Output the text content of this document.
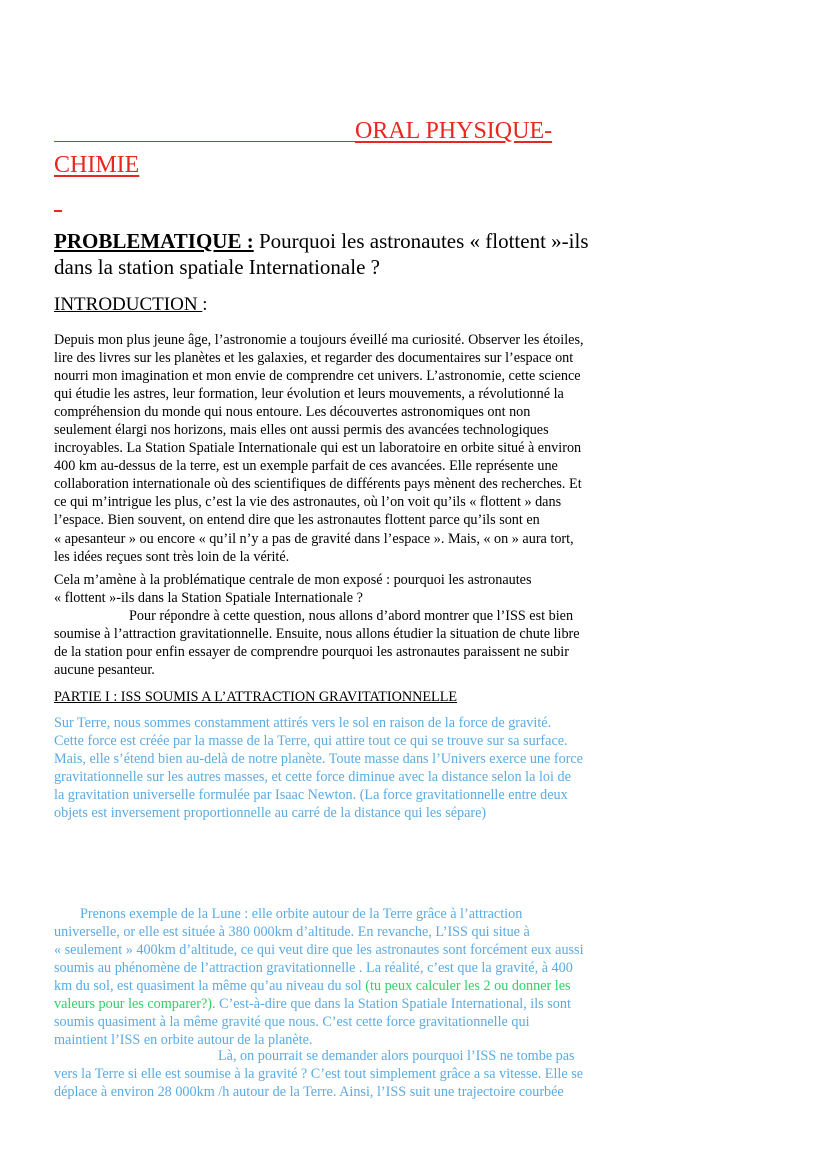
ORAL PHYSIQUE-
CHIMIE

PROBLEMATIQUE : Pourquoi les astronautes « flottent »-ils
dans la station spatiale Internationale ?

INTRODUCTION :

Depuis mon plus jeune âge, l’astronomie a toujours éveillé ma curiosité. Observer les étoiles,
lire des livres sur les planètes et les galaxies, et regarder des documentaires sur l’espace ont
nourri mon imagination et mon envie de comprendre cet univers. L’astronomie, cette science
qui étudie les astres, leur formation, leur évolution et leurs mouvements, a révolutionné la
compréhension du monde qui nous entoure. Les découvertes astronomiques ont non
seulement élargi nos horizons, mais elles ont aussi permis des avancées technologiques
incroyables. La Station Spatiale Internationale qui est un laboratoire en orbite situé à environ
400 km au-dessus de la terre, est un exemple parfait de ces avancées. Elle représente une
collaboration internationale où des scientifiques de différents pays mènent des recherches. Et
ce qui m’intrigue les plus, c’est la vie des astronautes, où l’on voit qu’ils « flottent » dans
l’espace. Bien souvent, on entend dire que les astronautes flottent parce qu’ils sont en
« apesanteur » ou encore « qu’il n’y a pas de gravité dans l’espace ». Mais, « on » aura tort,
les idées reçues sont très loin de la vérité.

Cela m’amène à la problématique centrale de mon exposé : pourquoi les astronautes
« flottent »-ils dans la Station Spatiale Internationale ?
Pour répondre à cette question, nous allons d’abord montrer que l’ISS est bien
soumise à l’attraction gravitationnelle. Ensuite, nous allons étudier la situation de chute libre
de la station pour enfin essayer de comprendre pourquoi les astronautes paraissent ne subir
aucune pesanteur.

PARTIE I : ISS SOUMIS A L’ATTRACTION GRAVITATIONNELLE

Sur Terre, nous sommes constamment attirés vers le sol en raison de la force de gravité.
Cette force est créée par la masse de la Terre, qui attire tout ce qui se trouve sur sa surface.
Mais, elle s’étend bien au-delà de notre planète. Toute masse dans l’Univers exerce une force
gravitationnelle sur les autres masses, et cette force diminue avec la distance selon la loi de
la gravitation universelle formulée par Isaac Newton. (La force gravitationnelle entre deux
objets est inversement proportionnelle au carré de la distance qui les sépare)

Prenons exemple de la Lune : elle orbite autour de la Terre grâce à l’attraction
universelle, or elle est située à 380 000km d’altitude. En revanche, L’ISS qui situe à
« seulement » 400km d’altitude, ce qui veut dire que les astronautes sont forcément eux aussi
soumis au phénomène de l’attraction gravitationnelle . La réalité, c’est que la gravité, à 400
km du sol, est quasiment la même qu’au niveau du sol (tu peux calculer les 2 ou donner les
valeurs pour les comparer?). C’est-à-dire que dans la Station Spatiale International, ils sont
soumis quasiment à la même gravité que nous. C’est cette force gravitationnelle qui
maintient l’ISS en orbite autour de la planète.

Là, on pourrait se demander alors pourquoi l’ISS ne tombe pas
vers la Terre si elle est soumise à la gravité ? C’est tout simplement grâce a sa vitesse. Elle se
déplace à environ 28 000km /h autour de la Terre. Ainsi, l’ISS suit une trajectoire courbée
